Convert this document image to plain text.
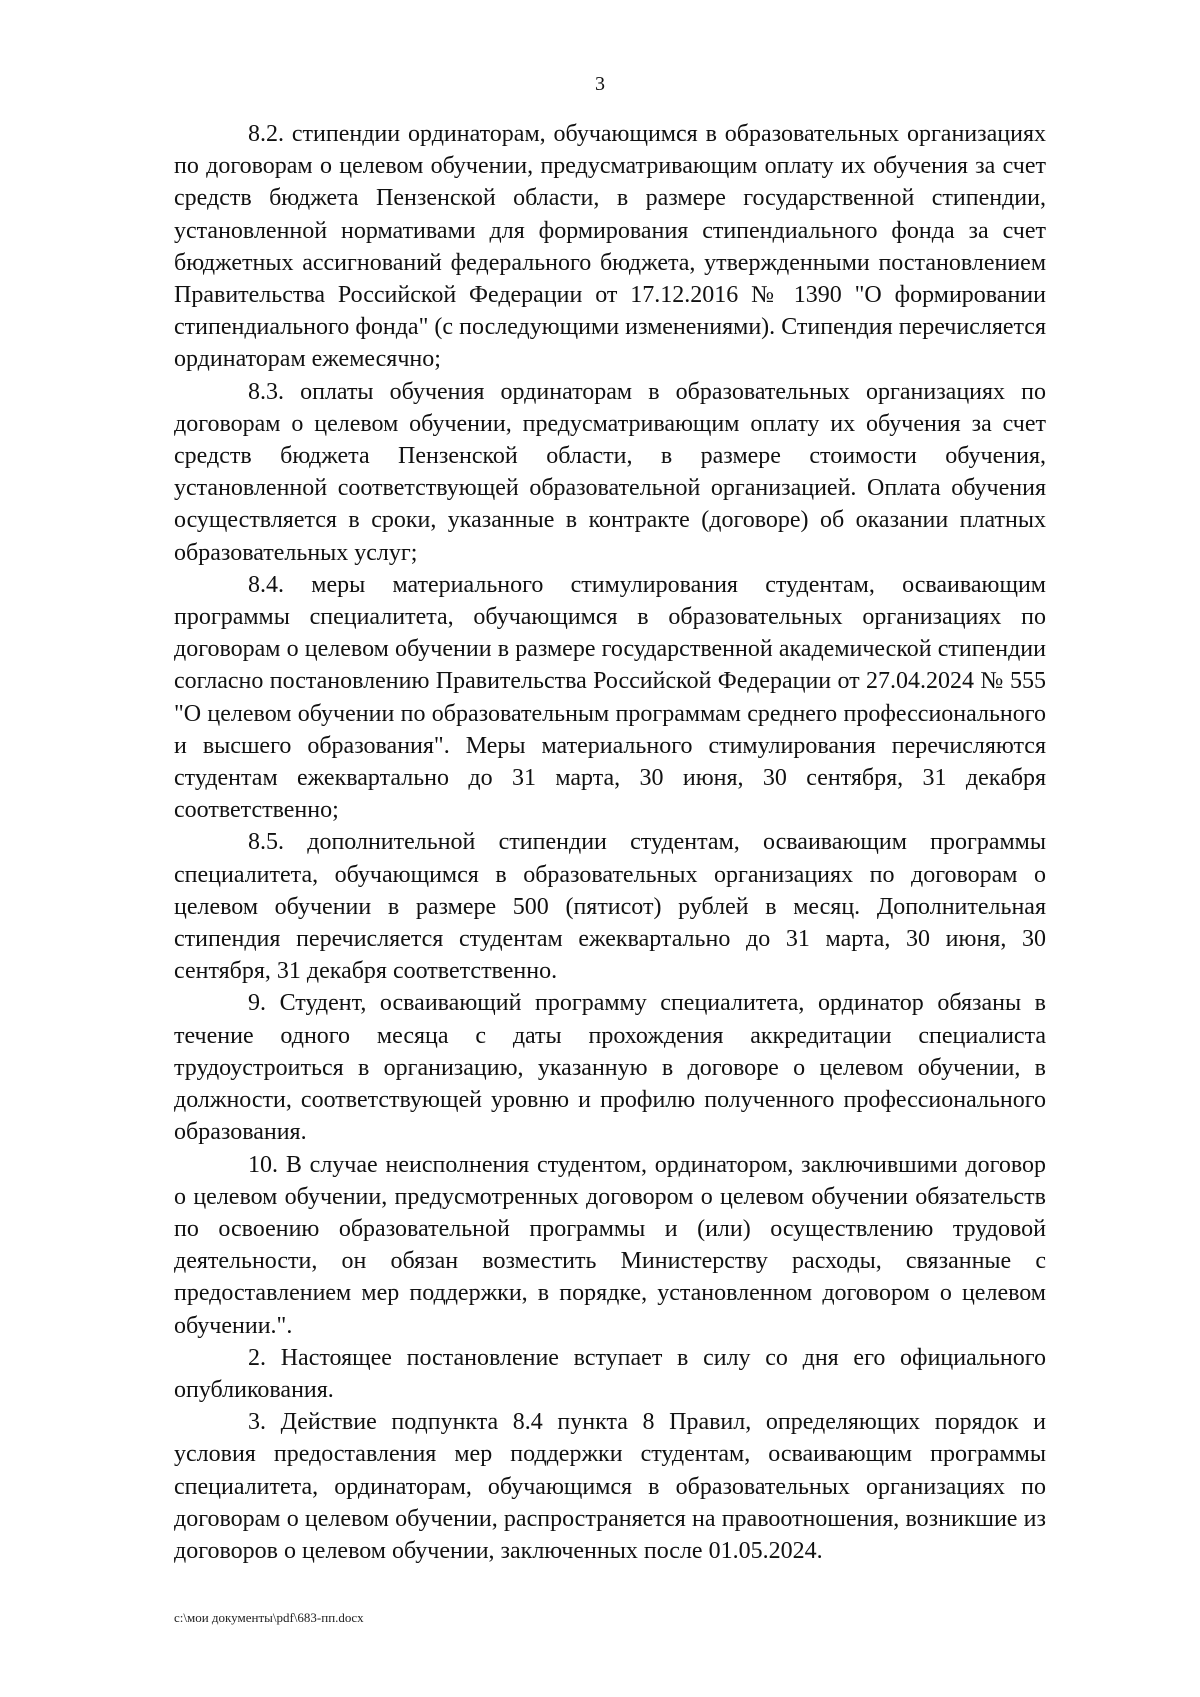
3

8.2. стипендии ординаторам, обучающимся в образовательных организациях по договорам о целевом обучении, предусматривающим оплату их обучения за счет средств бюджета Пензенской области, в размере государственной стипендии, установленной нормативами для формирования стипендиального фонда за счет бюджетных ассигнований федерального бюджета, утвержденными постановлением Правительства Российской Федерации от 17.12.2016 № 1390 "О формировании стипендиального фонда" (с последующими изменениями). Стипендия перечисляется ординаторам ежемесячно;

8.3. оплаты обучения ординаторам в образовательных организациях по договорам о целевом обучении, предусматривающим оплату их обучения за счет средств бюджета Пензенской области, в размере стоимости обучения, установленной соответствующей образовательной организацией. Оплата обучения осуществляется в сроки, указанные в контракте (договоре) об оказании платных образовательных услуг;

8.4. меры материального стимулирования студентам, осваивающим программы специалитета, обучающимся в образовательных организациях по договорам о целевом обучении в размере государственной академической стипендии согласно постановлению Правительства Российской Федерации от 27.04.2024 № 555 "О целевом обучении по образовательным программам среднего профессионального и высшего образования". Меры материального стимулирования перечисляются студентам ежеквартально до 31 марта, 30 июня, 30 сентября, 31 декабря соответственно;

8.5. дополнительной стипендии студентам, осваивающим программы специалитета, обучающимся в образовательных организациях по договорам о целевом обучении в размере 500 (пятисот) рублей в месяц. Дополнительная стипендия перечисляется студентам ежеквартально до 31 марта, 30 июня, 30 сентября, 31 декабря соответственно.

9. Студент, осваивающий программу специалитета, ординатор обязаны в течение одного месяца с даты прохождения аккредитации специалиста трудоустроиться в организацию, указанную в договоре о целевом обучении, в должности, соответствующей уровню и профилю полученного профессионального образования.

10. В случае неисполнения студентом, ординатором, заключившими договор о целевом обучении, предусмотренных договором о целевом обучении обязательств по освоению образовательной программы и (или) осуществлению трудовой деятельности, он обязан возместить Министерству расходы, связанные с предоставлением мер поддержки, в порядке, установленном договором о целевом обучении.".

2. Настоящее постановление вступает в силу со дня его официального опубликования.

3. Действие подпункта 8.4 пункта 8 Правил, определяющих порядок и условия предоставления мер поддержки студентам, осваивающим программы специалитета, ординаторам, обучающимся в образовательных организациях по договорам о целевом обучении, распространяется на правоотношения, возникшие из договоров о целевом обучении, заключенных после 01.05.2024.

c:\мои документы\pdf\683-пп.docx
